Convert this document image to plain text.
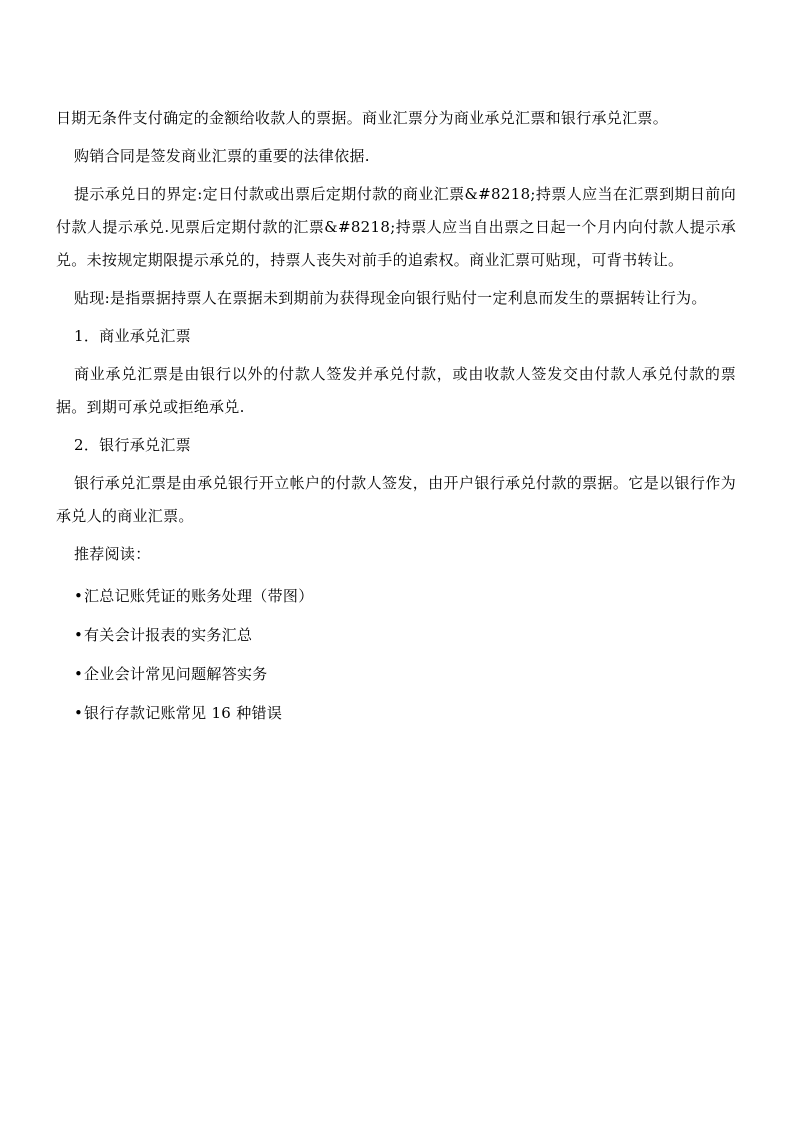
日期无条件支付确定的金额给收款人的票据。商业汇票分为商业承兑汇票和银行承兑汇票。

购销合同是签发商业汇票的重要的法律依据.

提示承兑日的界定:定日付款或出票后定期付款的商业汇票&#8218;持票人应当在汇票到期日前向付款人提示承兑.见票后定期付款的汇票&#8218;持票人应当自出票之日起一个月内向付款人提示承兑。未按规定期限提示承兑的，持票人丧失对前手的追索权。商业汇票可贴现，可背书转让。

贴现:是指票据持票人在票据未到期前为获得现金向银行贴付一定利息而发生的票据转让行为。

1．商业承兑汇票

商业承兑汇票是由银行以外的付款人签发并承兑付款，或由收款人签发交由付款人承兑付款的票据。到期可承兑或拒绝承兑.

2．银行承兑汇票

银行承兑汇票是由承兑银行开立帐户的付款人签发，由开户银行承兑付款的票据。它是以银行作为承兑人的商业汇票。

推荐阅读：
• 汇总记账凭证的账务处理（带图）
• 有关会计报表的实务汇总
• 企业会计常见问题解答实务
• 银行存款记账常见 16 种错误
